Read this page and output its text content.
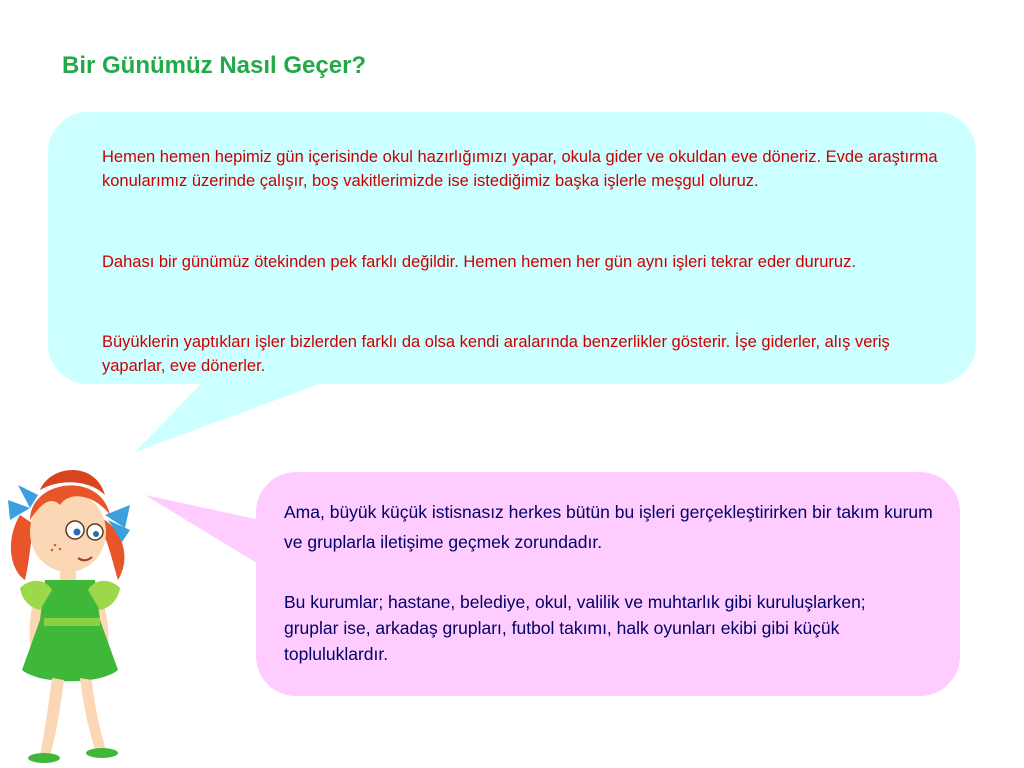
Bir Günümüz Nasıl Geçer?

Hemen hemen hepimiz gün içerisinde okul hazırlığımızı yapar, okula gider ve okuldan eve döneriz. Evde araştırma konularımız üzerinde çalışır, boş vakitlerimizde ise istediğimiz başka işlerle meşgul oluruz.

Dahası bir günümüz ötekinden pek farklı değildir. Hemen hemen her gün aynı işleri tekrar eder dururuz.

Büyüklerin yaptıkları işler bizlerden farklı da olsa kendi aralarında benzerlikler gösterir. İşe giderler, alış veriş yaparlar, eve dönerler.

Ama, büyük küçük istisnasız herkes bütün bu işleri gerçekleştirirken bir takım kurum ve gruplarla iletişime geçmek zorundadır.

Bu kurumlar; hastane, belediye, okul, valilik ve muhtarlık gibi kuruluşlarken; gruplar ise, arkadaş grupları, futbol takımı, halk oyunları ekibi gibi küçük topluluklardır.
